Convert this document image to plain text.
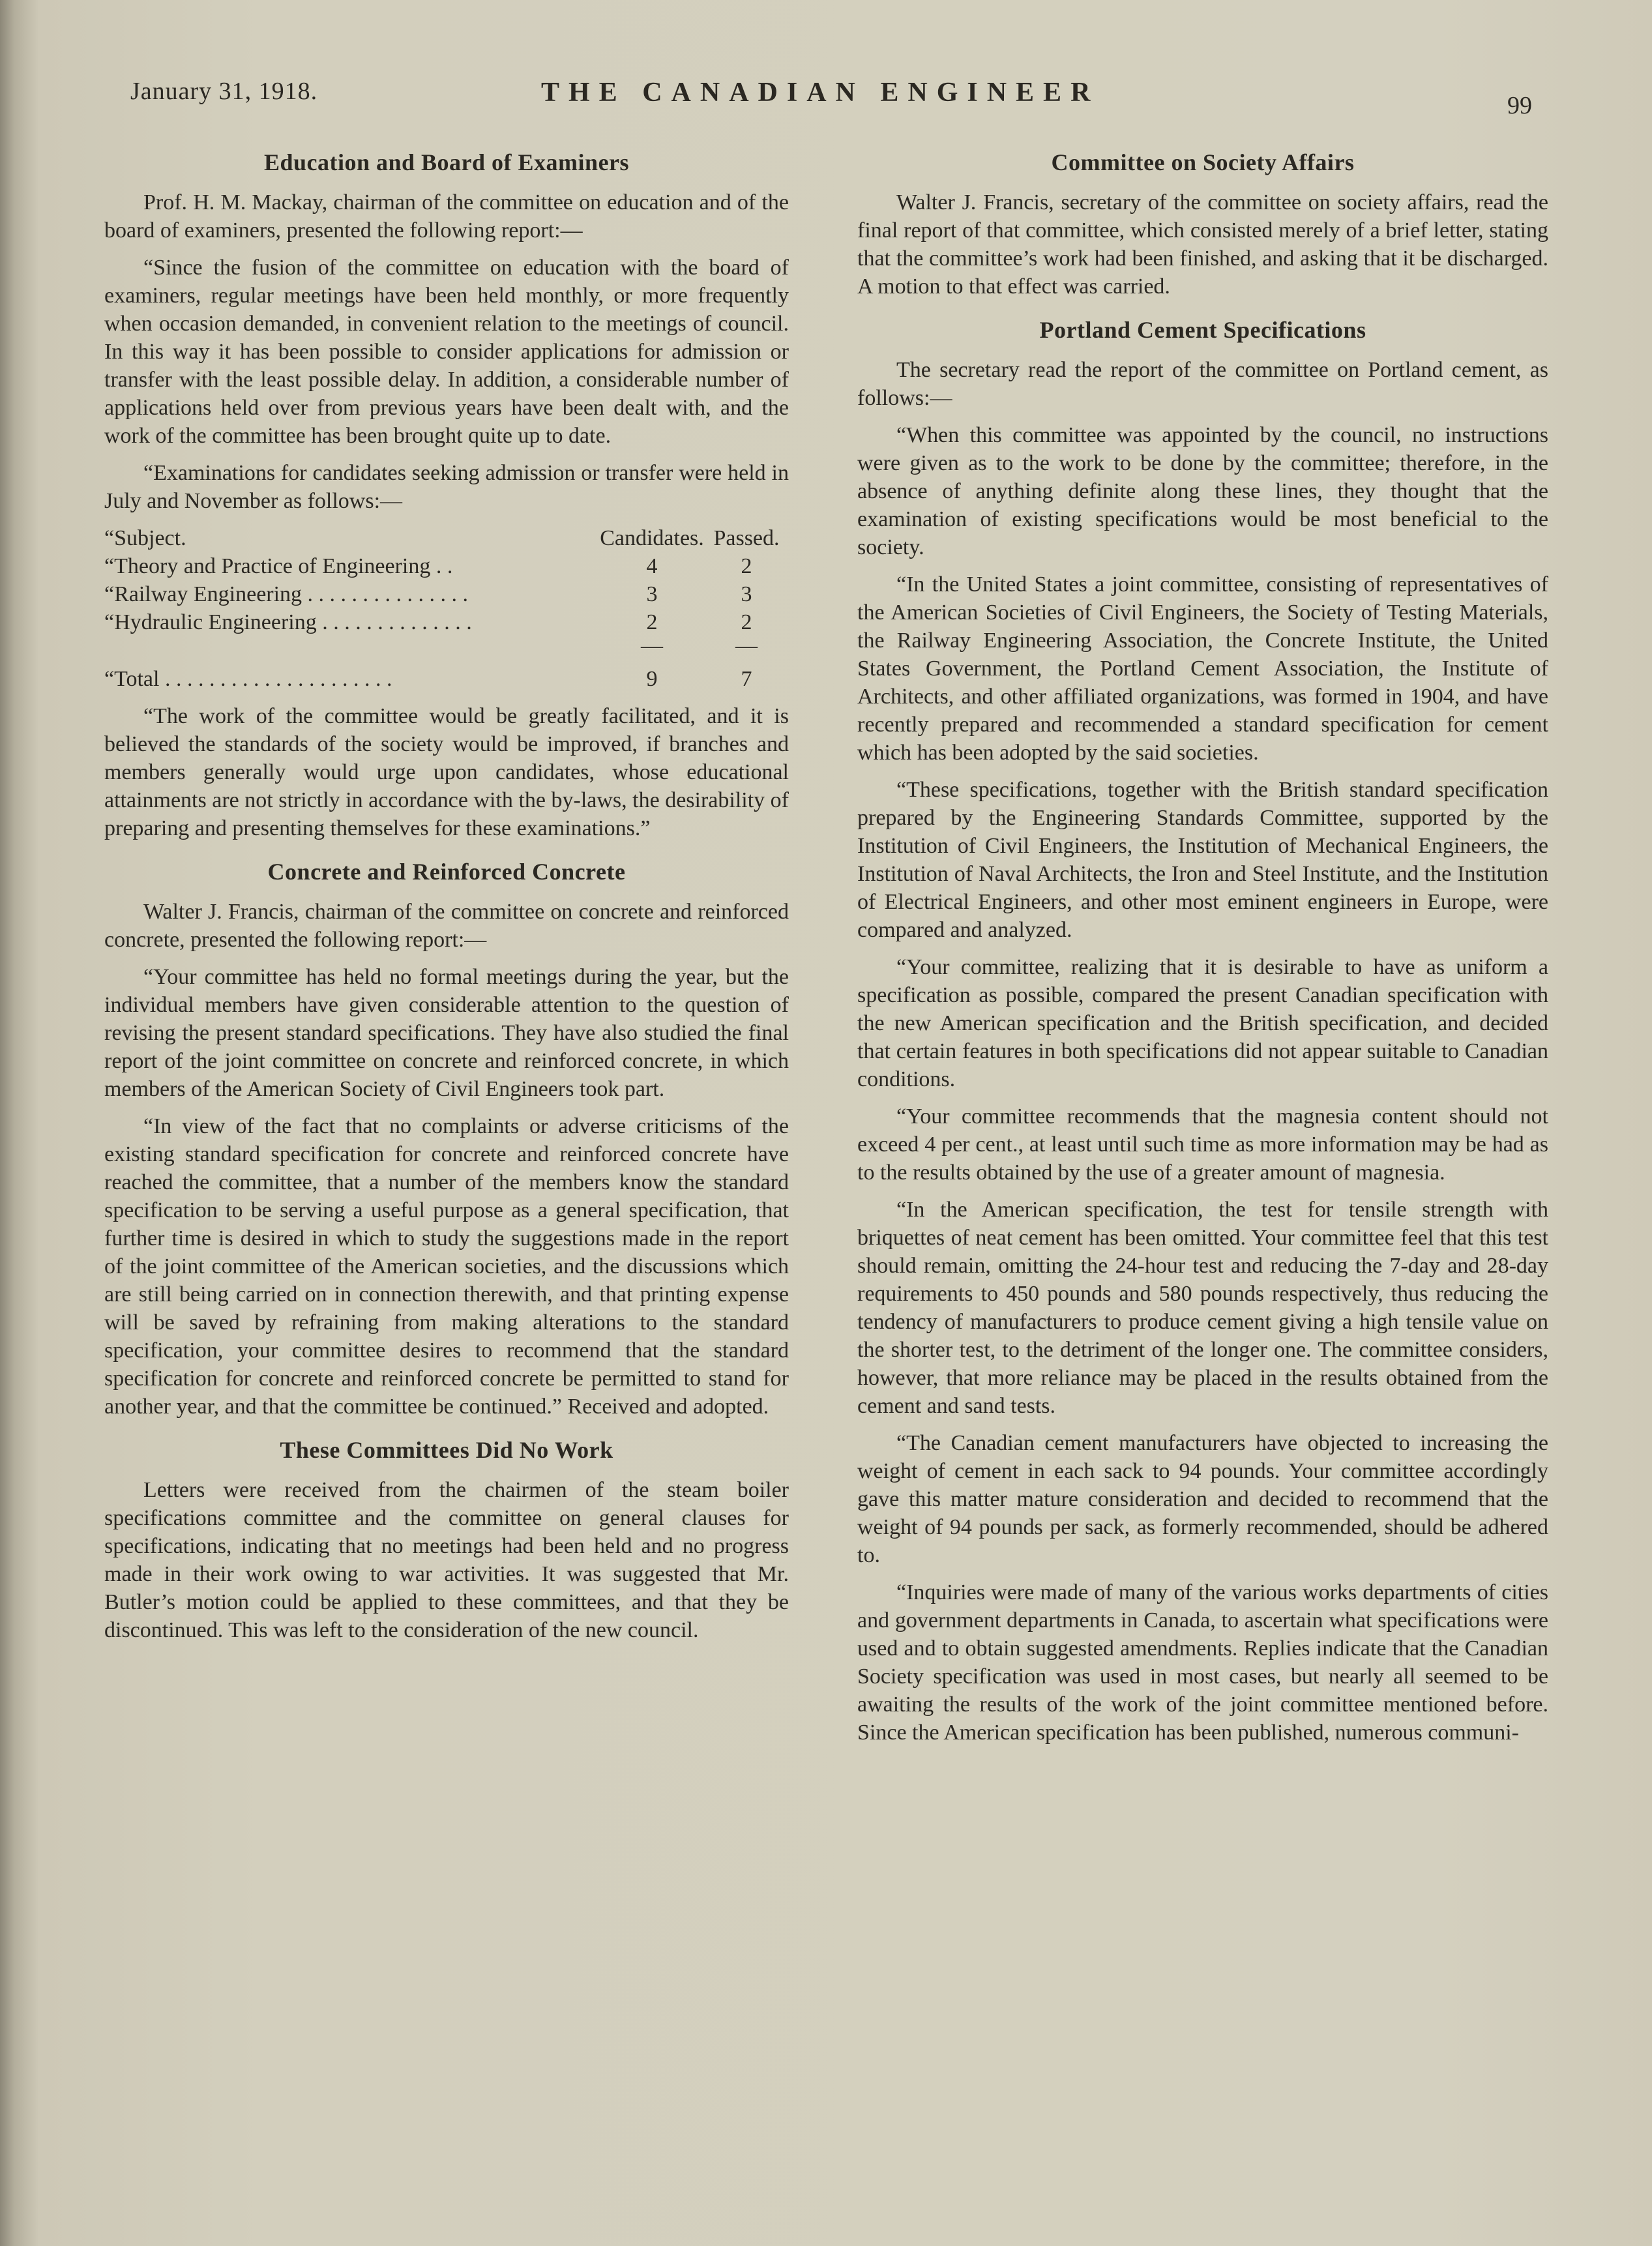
January 31, 1918.	THE CANADIAN ENGINEER	99
Education and Board of Examiners

Prof. H. M. Mackay, chairman of the committee on education and of the board of examiners, presented the following report:—

“Since the fusion of the committee on education with the board of examiners, regular meetings have been held monthly, or more frequently when occasion demanded, in convenient relation to the meetings of council. In this way it has been possible to consider applications for admission or transfer with the least possible delay. In addition, a considerable number of applications held over from previous years have been dealt with, and the work of the committee has been brought quite up to date.

“Examinations for candidates seeking admission or transfer were held in July and November as follows:—

“Subject.	Candidates.	Passed.
“Theory and Practice of Engineering . .	4	2
“Railway Engineering . . . . . . . . . . . . . . .	3	3
“Hydraulic Engineering . . . . . . . . . . . . . .	2	2
	—	—
“Total . . . . . . . . . . . . . . . . . . . . .	9	7

“The work of the committee would be greatly facilitated, and it is believed the standards of the society would be improved, if branches and members generally would urge upon candidates, whose educational attainments are not strictly in accordance with the by-laws, the desirability of preparing and presenting themselves for these examinations.”

Concrete and Reinforced Concrete

Walter J. Francis, chairman of the committee on concrete and reinforced concrete, presented the following report:—

“Your committee has held no formal meetings during the year, but the individual members have given considerable attention to the question of revising the present standard specifications. They have also studied the final report of the joint committee on concrete and reinforced concrete, in which members of the American Society of Civil Engineers took part.

“In view of the fact that no complaints or adverse criticisms of the existing standard specification for concrete and reinforced concrete have reached the committee, that a number of the members know the standard specification to be serving a useful purpose as a general specification, that further time is desired in which to study the suggestions made in the report of the joint committee of the American societies, and the discussions which are still being carried on in connection therewith, and that printing expense will be saved by refraining from making alterations to the standard specification, your committee desires to recommend that the standard specification for concrete and reinforced concrete be permitted to stand for another year, and that the committee be continued.” Received and adopted.

These Committees Did No Work

Letters were received from the chairmen of the steam boiler specifications committee and the committee on general clauses for specifications, indicating that no meetings had been held and no progress made in their work owing to war activities. It was suggested that Mr. Butler’s motion could be applied to these committees, and that they be discontinued. This was left to the consideration of the new council.

Committee on Society Affairs

Walter J. Francis, secretary of the committee on society affairs, read the final report of that committee, which consisted merely of a brief letter, stating that the committee’s work had been finished, and asking that it be discharged. A motion to that effect was carried.

Portland Cement Specifications

The secretary read the report of the committee on Portland cement, as follows:—

“When this committee was appointed by the council, no instructions were given as to the work to be done by the committee; therefore, in the absence of anything definite along these lines, they thought that the examination of existing specifications would be most beneficial to the society.

“In the United States a joint committee, consisting of representatives of the American Societies of Civil Engineers, the Society of Testing Materials, the Railway Engineering Association, the Concrete Institute, the United States Government, the Portland Cement Association, the Institute of Architects, and other affiliated organizations, was formed in 1904, and have recently prepared and recommended a standard specification for cement which has been adopted by the said societies.

“These specifications, together with the British standard specification prepared by the Engineering Standards Committee, supported by the Institution of Civil Engineers, the Institution of Mechanical Engineers, the Institution of Naval Architects, the Iron and Steel Institute, and the Institution of Electrical Engineers, and other most eminent engineers in Europe, were compared and analyzed.

“Your committee, realizing that it is desirable to have as uniform a specification as possible, compared the present Canadian specification with the new American specification and the British specification, and decided that certain features in both specifications did not appear suitable to Canadian conditions.

“Your committee recommends that the magnesia content should not exceed 4 per cent., at least until such time as more information may be had as to the results obtained by the use of a greater amount of magnesia.

“In the American specification, the test for tensile strength with briquettes of neat cement has been omitted. Your committee feel that this test should remain, omitting the 24-hour test and reducing the 7-day and 28-day requirements to 450 pounds and 580 pounds respectively, thus reducing the tendency of manufacturers to produce cement giving a high tensile value on the shorter test, to the detriment of the longer one. The committee considers, however, that more reliance may be placed in the results obtained from the cement and sand tests.

“The Canadian cement manufacturers have objected to increasing the weight of cement in each sack to 94 pounds. Your committee accordingly gave this matter mature consideration and decided to recommend that the weight of 94 pounds per sack, as formerly recommended, should be adhered to.

“Inquiries were made of many of the various works departments of cities and government departments in Canada, to ascertain what specifications were used and to obtain suggested amendments. Replies indicate that the Canadian Society specification was used in most cases, but nearly all seemed to be awaiting the results of the work of the joint committee mentioned before. Since the American specification has been published, numerous communi-
